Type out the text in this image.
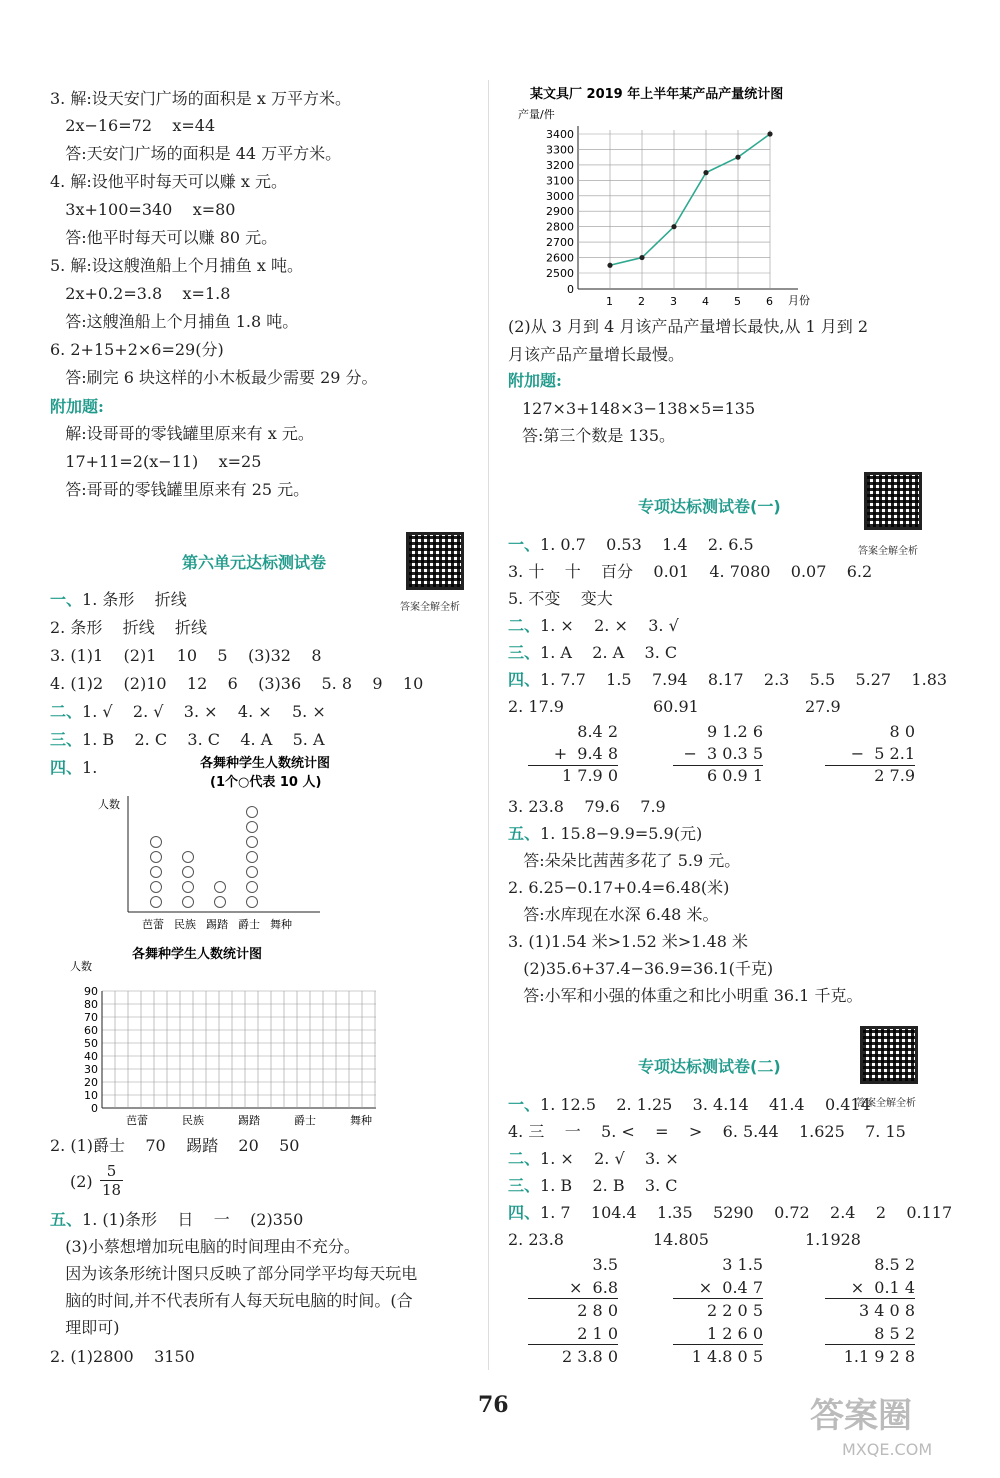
附加题:
第六单元达标测试卷
答案全解全析
$\frac{5}{18}$
各舞种学生人数统计图
(1个○代表 10 人)
人数
芭蕾 民族 踢踏 爵士 舞种
各舞种学生人数统计图
人数
0
10
20
30
40
50
60
70
80
90
芭蕾	民族	踢踏	爵士	舞种
3. 解:设天安门广场的面积是 x 万平方米。
2x−16=72    x=44
答:天安门广场的面积是 44 万平方米。
4. 解:设他平时每天可以赚 x 元。
3x+100=340    x=80
答:他平时每天可以赚 80 元。
5. 解:设这艘渔船上个月捕鱼 x 吨。
2x+0.2=3.8    x=1.8
答:这艘渔船上个月捕鱼 1.8 吨。
6. 2+15+2×6=29(分)
答:刷完 6 块这样的小木板最少需要 29 分。
解:设哥哥的零钱罐里原来有 x 元。
17+11=2(x−11)    x=25
答:哥哥的零钱罐里原来有 25 元。
一、1. 条形    折线
2. 条形    折线    折线
3. (1)1    (2)1    10    5    (3)32    8
4. (1)2    (2)10    12    6    (3)36    5. 8    9    10
二、1. √    2. √    3. ×    4. ×    5. ×
三、1. B    2. C    3. C    4. A    5. A
四、1.
2. (1)爵士    70    踢踏    20    50
(2)
五、1. (1)条形    日    一    (2)350
(3)小蔡想增加玩电脑的时间理由不充分。
因为该条形统计图只反映了部分同学平均每天玩电
脑的时间,并不代表所有人每天玩电脑的时间。(合
理即可)
2. (1)2800    3150
某文具厂 2019 年上半年某产品产量统计图
产量/件
月份
0
2500
2600
2700
2800
2900
3000
3100
3200
3300
3400
1 2 3 4 5 6
附加题:
专项达标测试卷(一)
答案全解全析
专项达标测试卷(二)
答案全解全析
(2)从 3 月到 4 月该产品产量增长最快,从 1 月到 2
月该产品产量增长最慢。
127×3+148×3−138×5=135
答:第三个数是 135。
一、1. 0.7    0.53    1.4    2. 6.5
3. 十    十    百分    0.01    4. 7080    0.07    6.2
5. 不变    变大
二、1. ×    2. ×    3. √
三、1. A    2. A    3. C
四、1. 7.7    1.5    7.94    8.17    2.3    5.5    5.27    1.83
2. 17.9	60.91	27.9
3. 23.8    79.6    7.9
五、1. 15.8−9.9=5.9(元)
答:朵朵比茜茜多花了 5.9 元。
2. 6.25−0.17+0.4=6.48(米)
答:水库现在水深 6.48 米。
3. (1)1.54 米>1.52 米>1.48 米
(2)35.6+37.4−36.9=36.1(千克)
答:小军和小强的体重之和比小明重 36.1 千克。
一、1. 12.5    2. 1.25    3. 4.14    41.4    0.414
4. 三    一    5. <    =    >    6. 5.44    1.625    7. 15
二、1. ×    2. √    3. ×
三、1. B    2. B    3. C
四、1. 7    104.4    1.35    5290    0.72    2.4    2    0.117
2. 23.8	14.805	1.1928
8.4 2
+  9.4 8
1 7.9 0
9 1.2 6
−  3 0.3 5
6 0.9 1
8 0
−  5 2.1
2 7.9
3.5
×  6.8
2 8 0
2 1 0
2 3.8 0
3 1.5
×  0.4 7
2 2 0 5
1 2 6 0
1 4.8 0 5
8.5 2
×  0.1 4
3 4 0 8
8 5 2
1.1 9 2 8
76	答案圈
MXQE.COM
